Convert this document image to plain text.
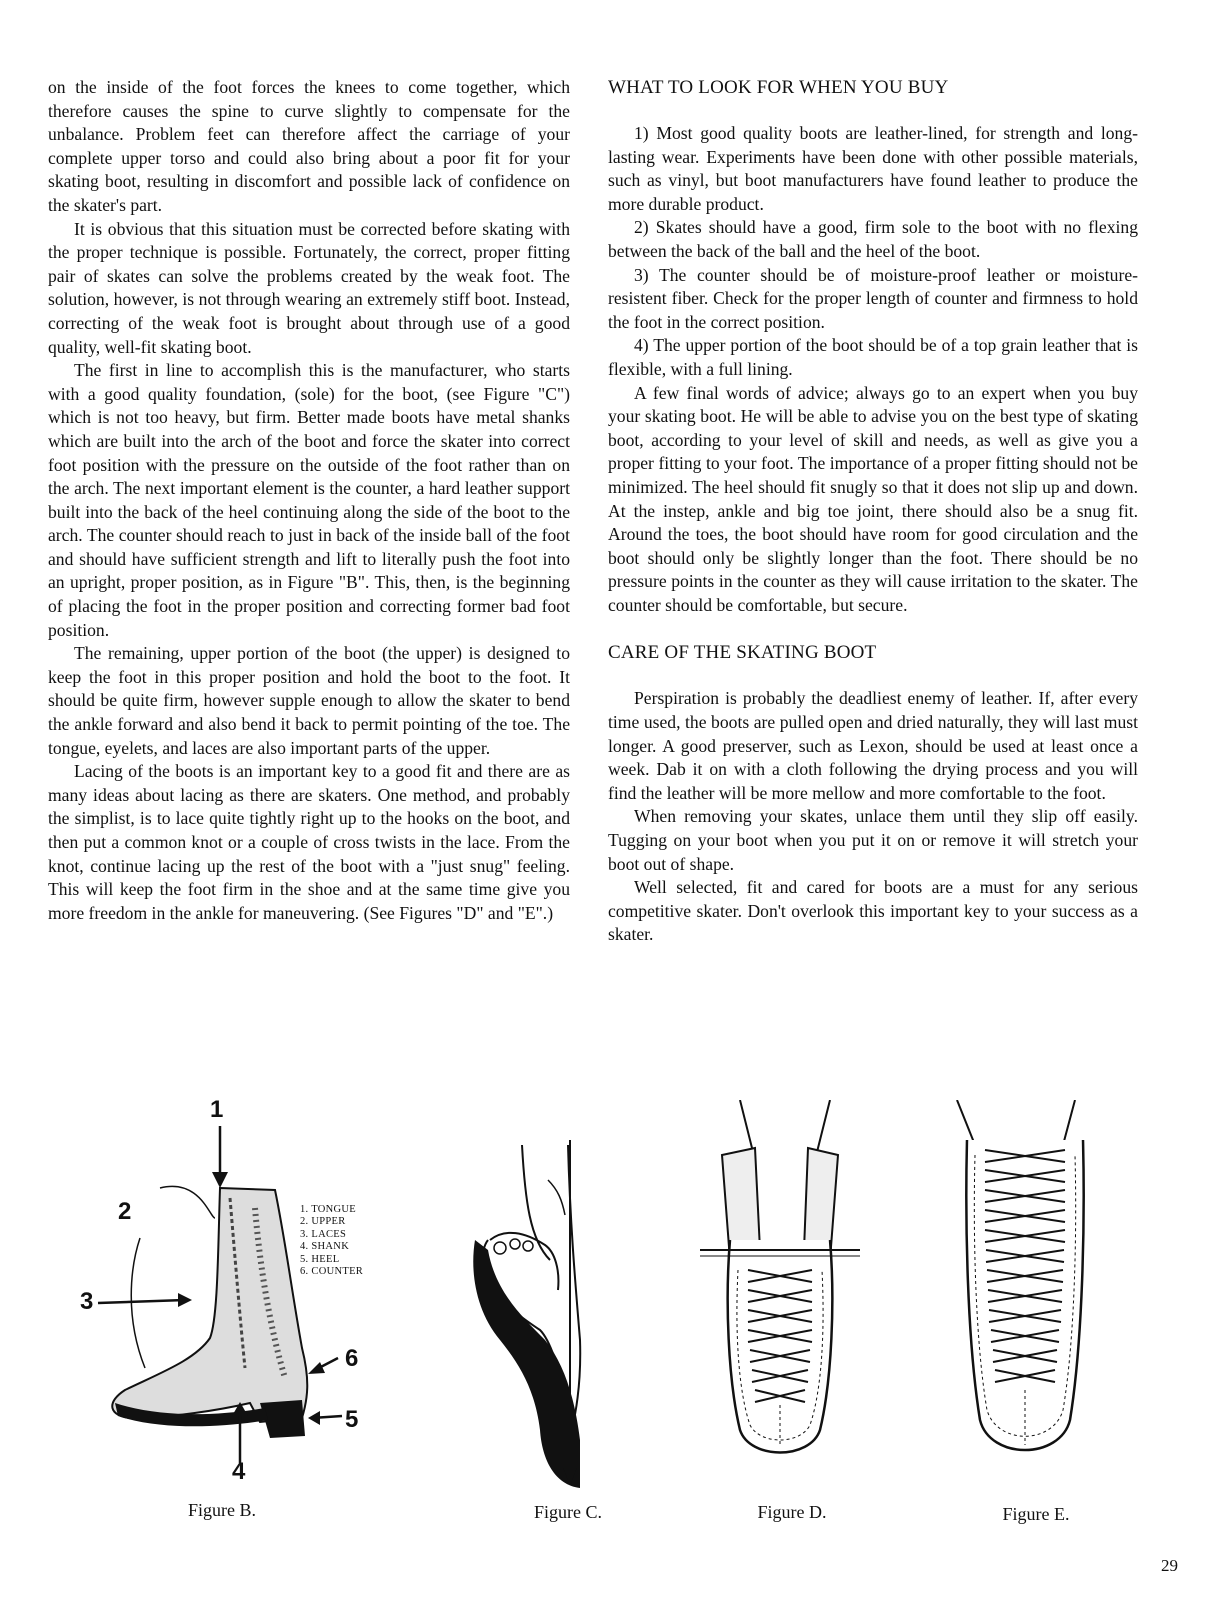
on the inside of the foot forces the knees to come together, which therefore causes the spine to curve slightly to compensate for the unbalance. Problem feet can therefore affect the carriage of your complete upper torso and could also bring about a poor fit for your skating boot, resulting in discomfort and possible lack of confidence on the skater's part.

It is obvious that this situation must be corrected before skating with the proper technique is possible. Fortunately, the correct, proper fitting pair of skates can solve the problems created by the weak foot. The solution, however, is not through wearing an extremely stiff boot. Instead, correcting of the weak foot is brought about through use of a good quality, well-fit skating boot.

The first in line to accomplish this is the manufacturer, who starts with a good quality foundation, (sole) for the boot, (see Figure "C") which is not too heavy, but firm. Better made boots have metal shanks which are built into the arch of the boot and force the skater into correct foot position with the pressure on the outside of the foot rather than on the arch. The next important element is the counter, a hard leather support built into the back of the heel continuing along the side of the boot to the arch. The counter should reach to just in back of the inside ball of the foot and should have sufficient strength and lift to literally push the foot into an upright, proper position, as in Figure "B". This, then, is the beginning of placing the foot in the proper position and correcting former bad foot position.

The remaining, upper portion of the boot (the upper) is designed to keep the foot in this proper position and hold the boot to the foot. It should be quite firm, however supple enough to allow the skater to bend the ankle forward and also bend it back to permit pointing of the toe. The tongue, eyelets, and laces are also important parts of the upper.

Lacing of the boots is an important key to a good fit and there are as many ideas about lacing as there are skaters. One method, and probably the simplist, is to lace quite tightly right up to the hooks on the boot, and then put a common knot or a couple of cross twists in the lace. From the knot, continue lacing up the rest of the boot with a "just snug" feeling. This will keep the foot firm in the shoe and at the same time give you more freedom in the ankle for maneuvering. (See Figures "D" and "E".)

WHAT TO LOOK FOR WHEN YOU BUY

1) Most good quality boots are leather-lined, for strength and long-lasting wear. Experiments have been done with other possible materials, such as vinyl, but boot manufacturers have found leather to produce the more durable product.

2) Skates should have a good, firm sole to the boot with no flexing between the back of the ball and the heel of the boot.

3) The counter should be of moisture-proof leather or moisture-resistent fiber. Check for the proper length of counter and firmness to hold the foot in the correct position.

4) The upper portion of the boot should be of a top grain leather that is flexible, with a full lining.

A few final words of advice; always go to an expert when you buy your skating boot. He will be able to advise you on the best type of skating boot, according to your level of skill and needs, as well as give you a proper fitting to your foot. The importance of a proper fitting should not be minimized. The heel should fit snugly so that it does not slip up and down. At the instep, ankle and big toe joint, there should also be a snug fit. Around the toes, the boot should have room for good circulation and the boot should only be slightly longer than the foot. There should be no pressure points in the counter as they will cause irritation to the skater. The counter should be comfortable, but secure.

CARE OF THE SKATING BOOT

Perspiration is probably the deadliest enemy of leather. If, after every time used, the boots are pulled open and dried naturally, they will last must longer. A good preserver, such as Lexon, should be used at least once a week. Dab it on with a cloth following the drying process and you will find the leather will be more mellow and more comfortable to the foot.

When removing your skates, unlace them until they slip off easily. Tugging on your boot when you put it on or remove it will stretch your boot out of shape.

Well selected, fit and cared for boots are a must for any serious competitive skater. Don't overlook this important key to your success as a skater.

1
2
3
4
5
6
1. TONGUE
2. UPPER
3. LACES
4. SHANK
5. HEEL
6. COUNTER
Figure B.	Figure C.	Figure D.	Figure E.
29
